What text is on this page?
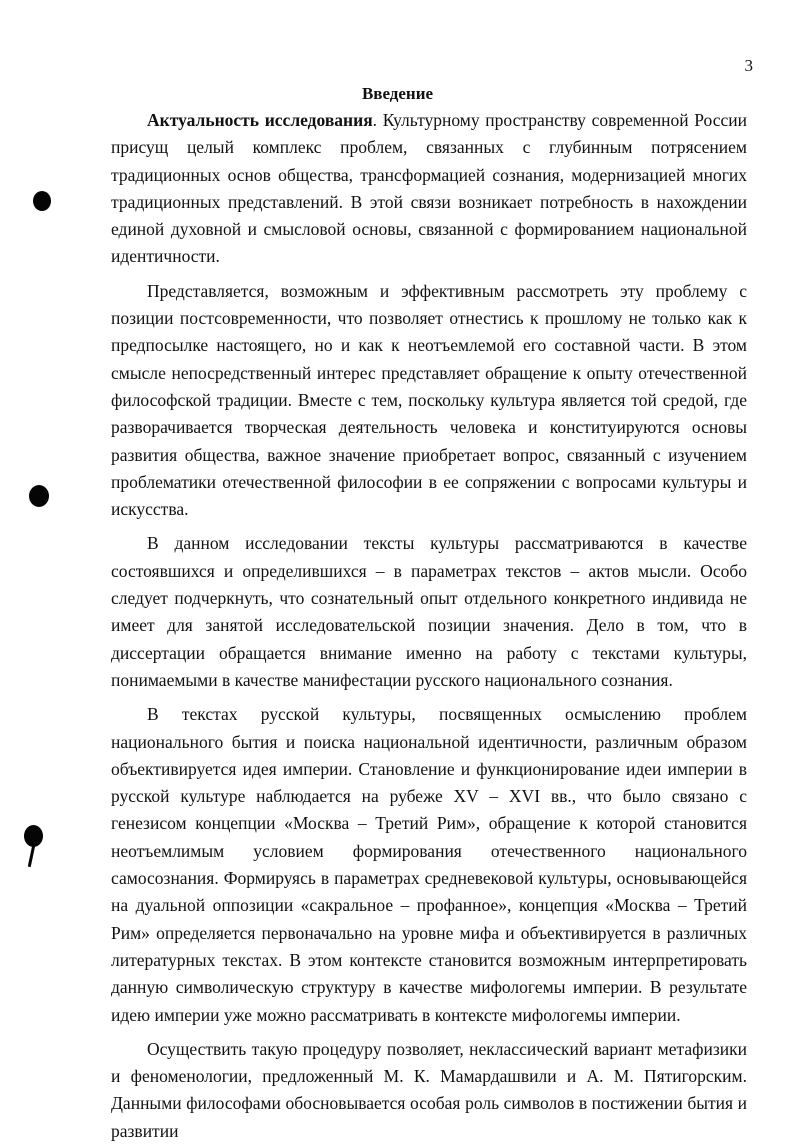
3
Введение

Актуальность исследования. Культурному пространству современной России присущ целый комплекс проблем, связанных с глубинным потрясением традиционных основ общества, трансформацией сознания, модернизацией многих традиционных представлений. В этой связи возникает потребность в нахождении единой духовной и смысловой основы, связанной с формированием национальной идентичности.

Представляется, возможным и эффективным рассмотреть эту проблему с позиции постсовременности, что позволяет отнестись к прошлому не только как к предпосылке настоящего, но и как к неотъемлемой его составной части. В этом смысле непосредственный интерес представляет обращение к опыту отечественной философской традиции. Вместе с тем, поскольку культура является той средой, где разворачивается творческая деятельность человека и конституируются основы развития общества, важное значение приобретает вопрос, связанный с изучением проблематики отечественной философии в ее сопряжении с вопросами культуры и искусства.

В данном исследовании тексты культуры рассматриваются в качестве состоявшихся и определившихся – в параметрах текстов – актов мысли. Особо следует подчеркнуть, что сознательный опыт отдельного конкретного индивида не имеет для занятой исследовательской позиции значения. Дело в том, что в диссертации обращается внимание именно на работу с текстами культуры, понимаемыми в качестве манифестации русского национального сознания.

В текстах русской культуры, посвященных осмыслению проблем национального бытия и поиска национальной идентичности, различным образом объективируется идея империи. Становление и функционирование идеи империи в русской культуре наблюдается на рубеже XV – XVI вв., что было связано с генезисом концепции «Москва – Третий Рим», обращение к которой становится неотъемлимым условием формирования отечественного национального самосознания. Формируясь в параметрах средневековой культуры, основывающейся на дуальной оппозиции «сакральное – профанное», концепция «Москва – Третий Рим» определяется первоначально на уровне мифа и объективируется в различных литературных текстах. В этом контексте становится возможным интерпретировать данную символическую структуру в качестве мифологемы империи. В результате идею империи уже можно рассматривать в контексте мифологемы империи.

Осуществить такую процедуру позволяет, неклассический вариант метафизики и феноменологии, предложенный М. К. Мамардашвили и А. М. Пятигорским. Данными философами обосновывается особая роль символов в постижении бытия и развитии
